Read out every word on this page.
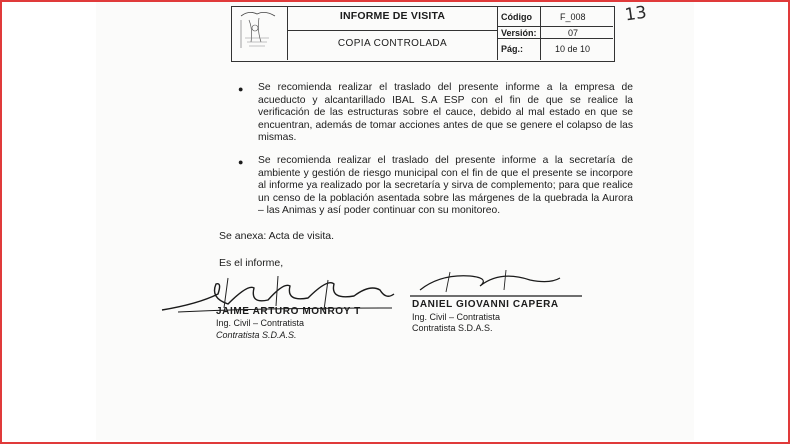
INFORME DE VISITA
COPIA CONTROLADA
Código	F_008
Versión:	07
Pág.:	10 de 10
13
● Se recomienda realizar el traslado del presente informe a la empresa de acueducto y alcantarillado IBAL S.A ESP con el fin de que se realice la verificación de las estructuras sobre el cauce, debido al mal estado en que se encuentran, además de tomar acciones antes de que se genere el colapso de las mismas.
● Se recomienda realizar el traslado del presente informe a la secretaría de ambiente y gestión de riesgo municipal con el fin de que el presente se incorpore al informe ya realizado por la secretaría y sirva de complemento; para que realice un censo de la población asentada sobre las márgenes de la quebrada la Aurora – las Animas y así poder continuar con su monitoreo.
Se anexa: Acta de visita.
Es el informe,
JAIME ARTURO MONROY T
Ing. Civil – Contratista
Contratista S.D.A.S.
DANIEL GIOVANNI CAPERA
Ing. Civil – Contratista
Contratista S.D.A.S.
